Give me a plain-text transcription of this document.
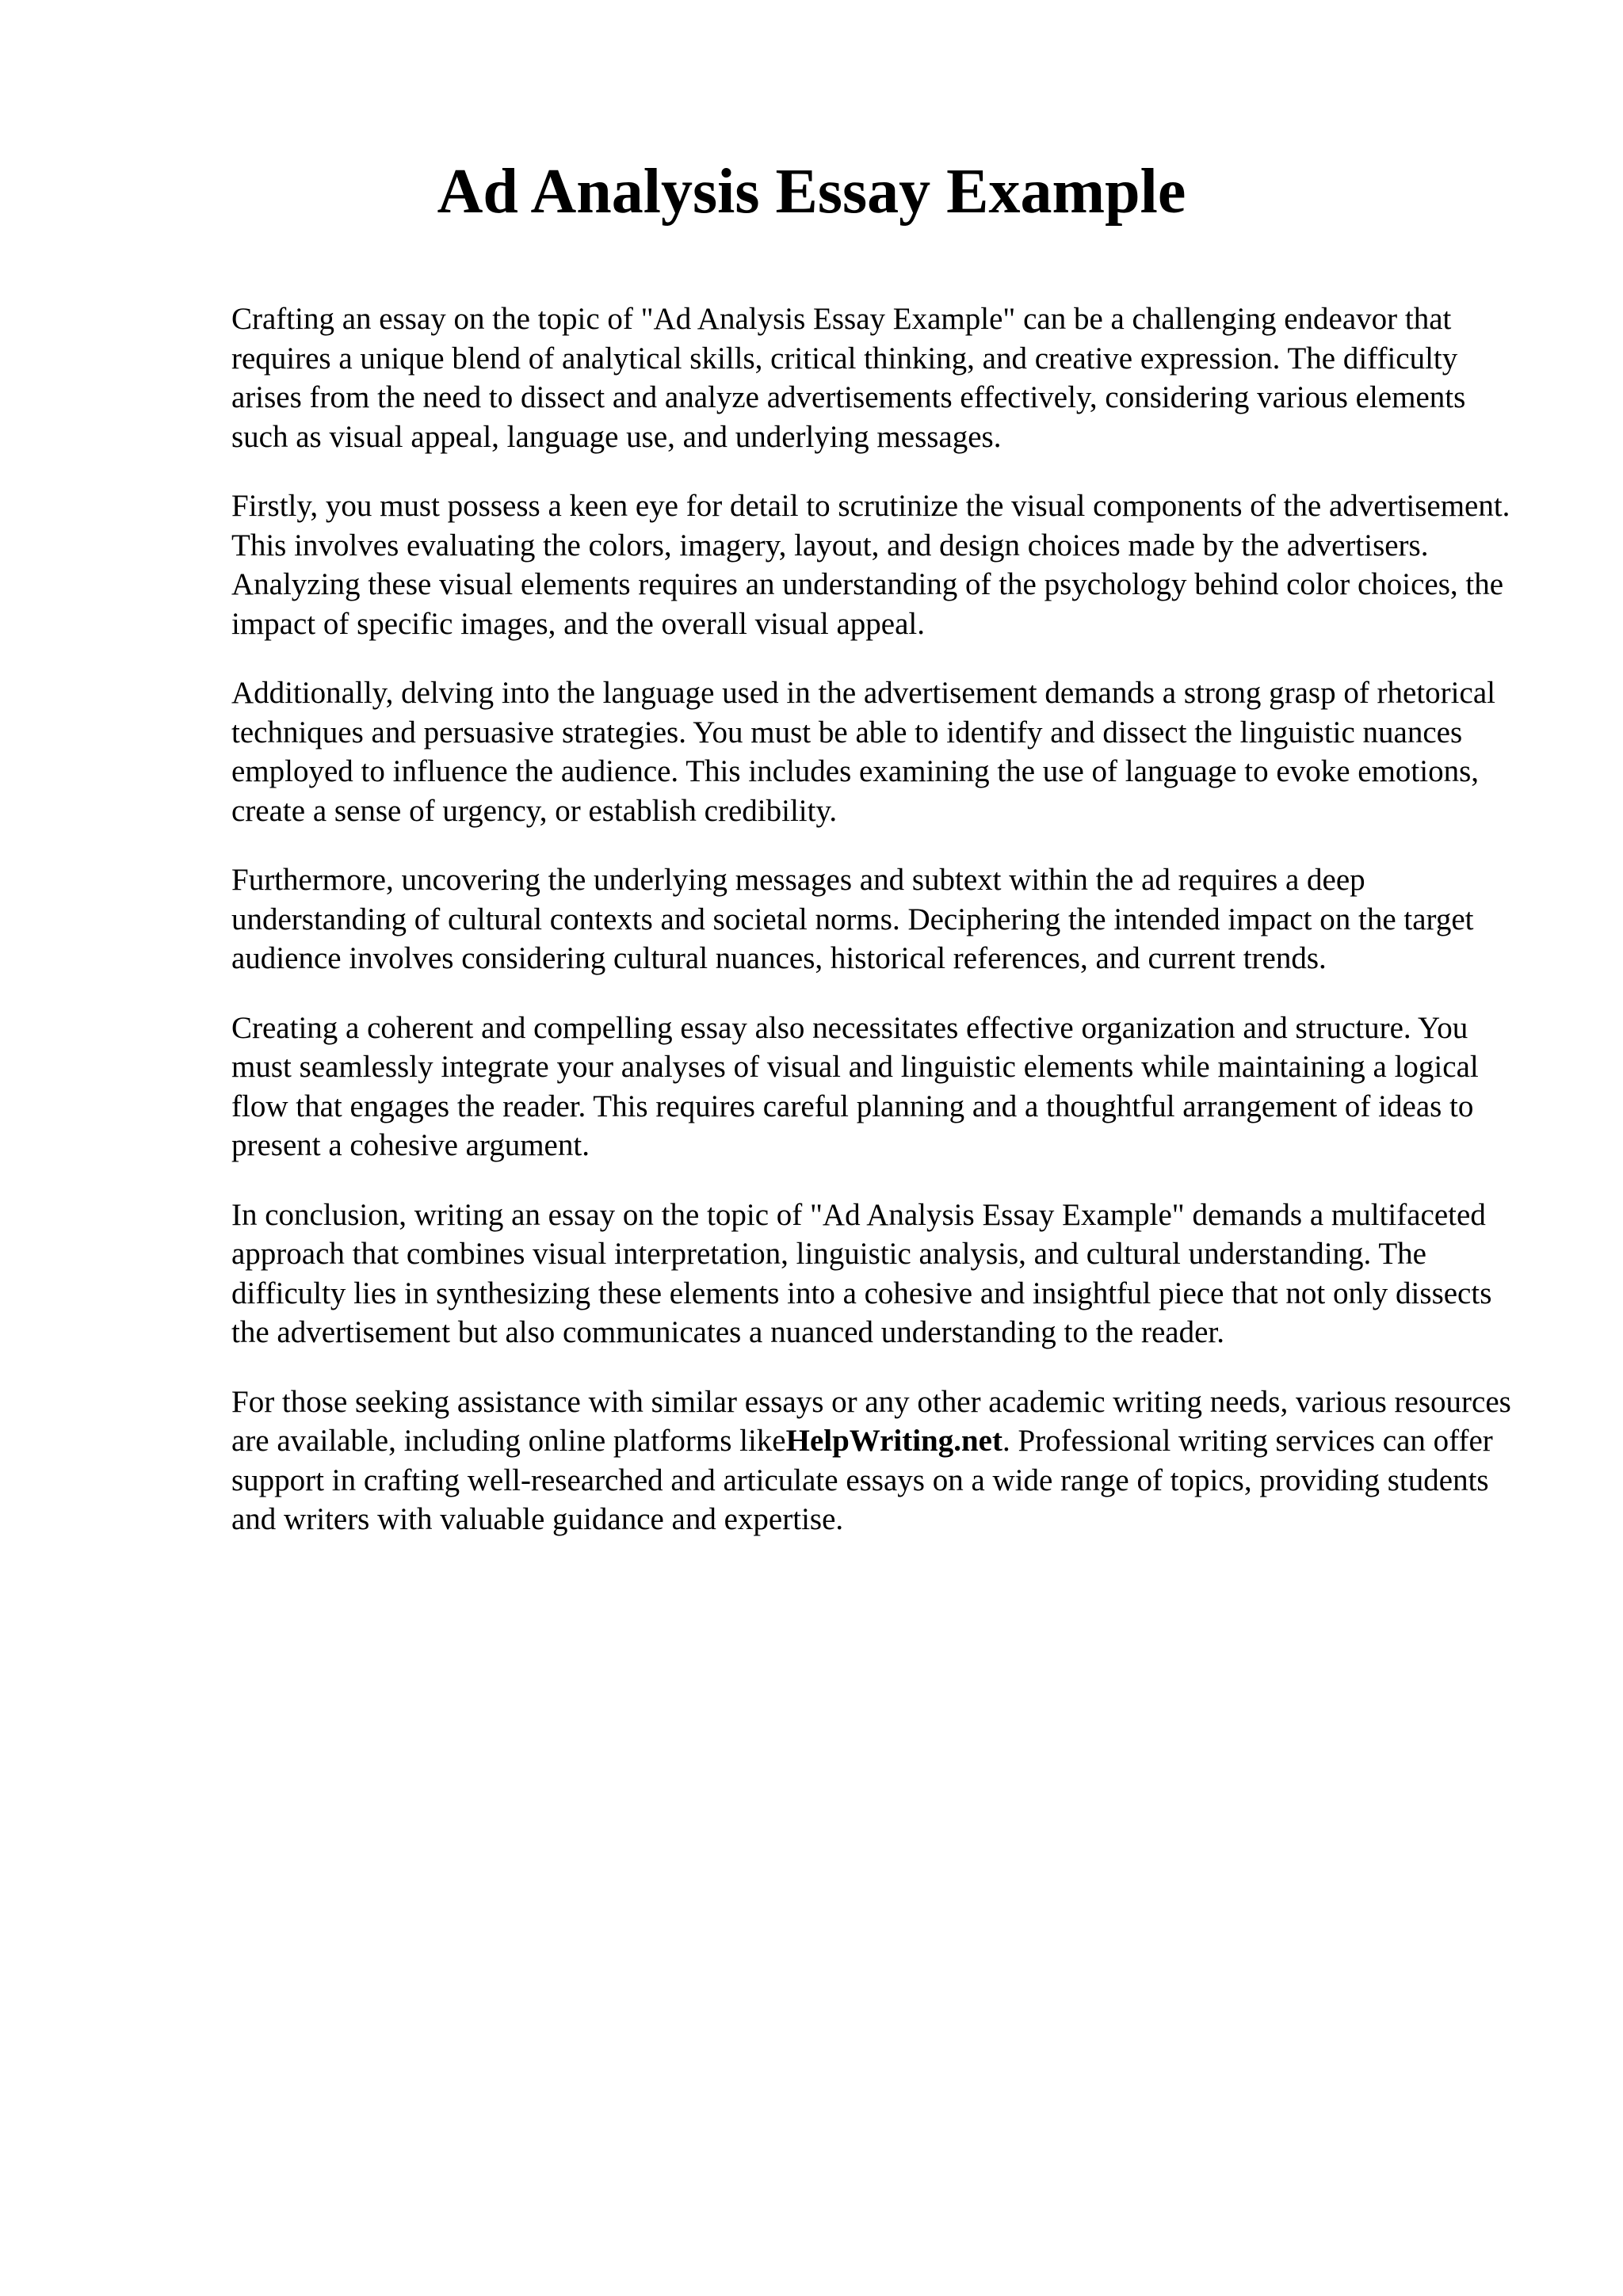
Ad Analysis Essay Example

Crafting an essay on the topic of "Ad Analysis Essay Example" can be a challenging endeavor that requires a unique blend of analytical skills, critical thinking, and creative expression. The difficulty arises from the need to dissect and analyze advertisements effectively, considering various elements such as visual appeal, language use, and underlying messages.

Firstly, you must possess a keen eye for detail to scrutinize the visual components of the advertisement. This involves evaluating the colors, imagery, layout, and design choices made by the advertisers. Analyzing these visual elements requires an understanding of the psychology behind color choices, the impact of specific images, and the overall visual appeal.

Additionally, delving into the language used in the advertisement demands a strong grasp of rhetorical techniques and persuasive strategies. You must be able to identify and dissect the linguistic nuances employed to influence the audience. This includes examining the use of language to evoke emotions, create a sense of urgency, or establish credibility.

Furthermore, uncovering the underlying messages and subtext within the ad requires a deep understanding of cultural contexts and societal norms. Deciphering the intended impact on the target audience involves considering cultural nuances, historical references, and current trends.

Creating a coherent and compelling essay also necessitates effective organization and structure. You must seamlessly integrate your analyses of visual and linguistic elements while maintaining a logical flow that engages the reader. This requires careful planning and a thoughtful arrangement of ideas to present a cohesive argument.

In conclusion, writing an essay on the topic of "Ad Analysis Essay Example" demands a multifaceted approach that combines visual interpretation, linguistic analysis, and cultural understanding. The difficulty lies in synthesizing these elements into a cohesive and insightful piece that not only dissects the advertisement but also communicates a nuanced understanding to the reader.

For those seeking assistance with similar essays or any other academic writing needs, various resources are available, including online platforms likeHelpWriting.net. Professional writing services can offer support in crafting well-researched and articulate essays on a wide range of topics, providing students and writers with valuable guidance and expertise.
